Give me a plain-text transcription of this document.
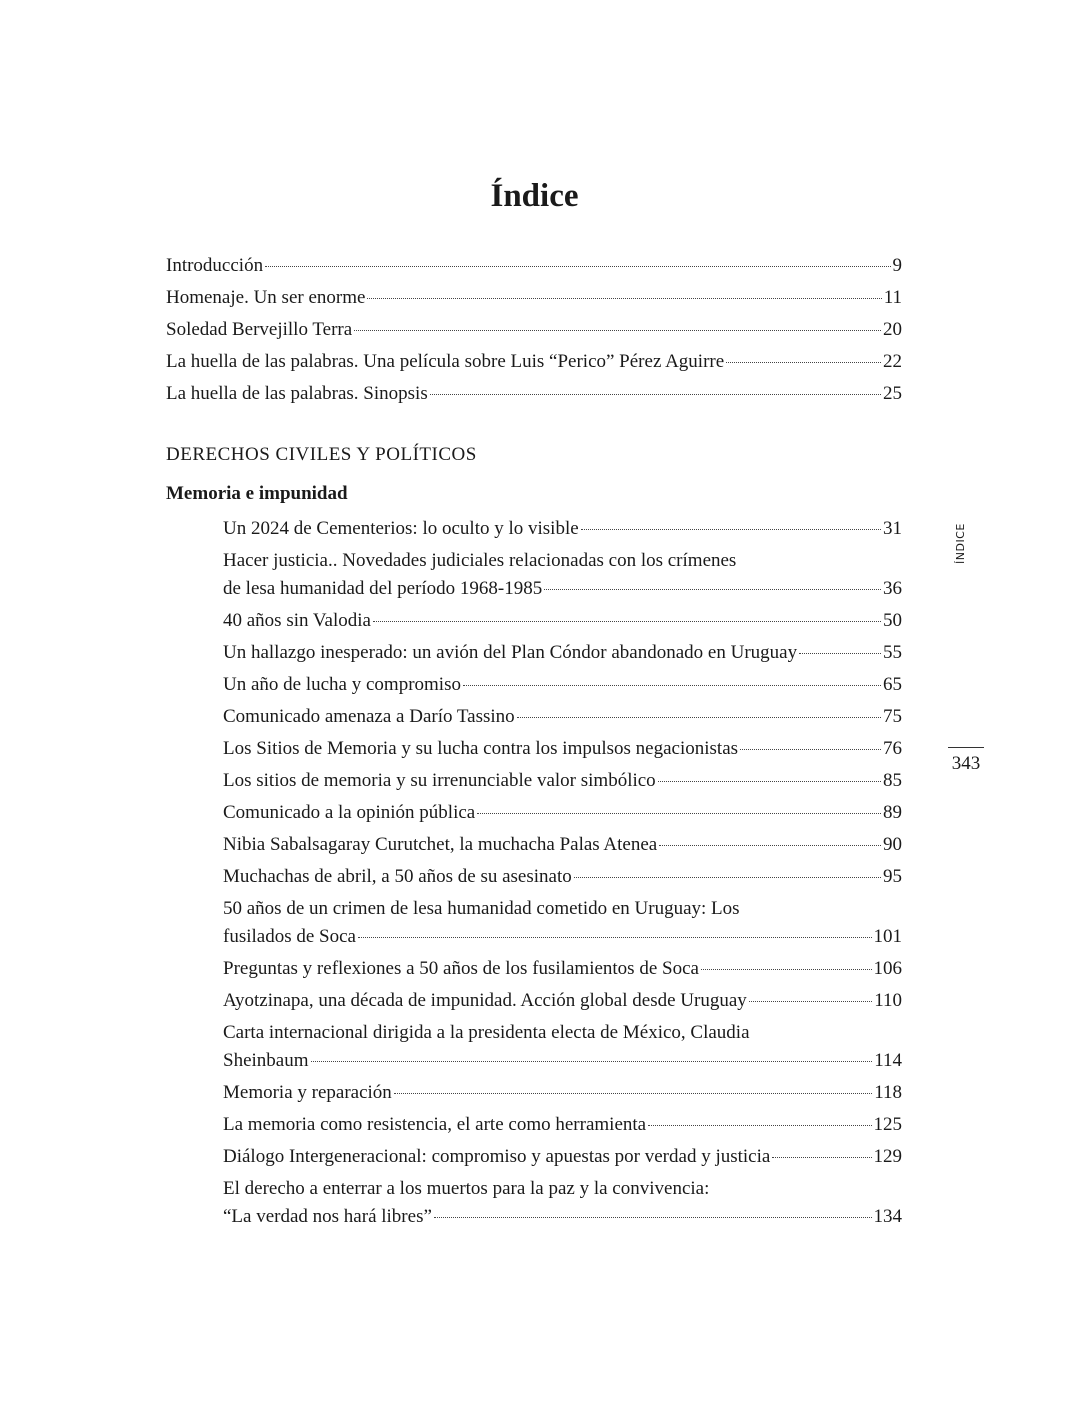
Índice
Introducción	9
Homenaje. Un ser enorme	11
Soledad Bervejillo Terra	20
La huella de las palabras. Una película sobre Luis “Perico” Pérez Aguirre	22
La huella de las palabras. Sinopsis	25
DERECHOS CIVILES Y POLÍTICOS
Memoria e impunidad
Un 2024 de Cementerios: lo oculto y lo visible	31
Hacer justicia.. Novedades judiciales relacionadas con los crímenes
de lesa humanidad del período 1968-1985	36
40 años sin Valodia	50
Un hallazgo inesperado: un avión del Plan Cóndor abandonado en Uruguay	55
Un año de lucha y compromiso	65
Comunicado amenaza a Darío Tassino	75
Los Sitios de Memoria y su lucha contra los impulsos negacionistas	76
Los sitios de memoria y su irrenunciable valor simbólico	85
Comunicado a la opinión pública	89
Nibia Sabalsagaray Curutchet, la muchacha Palas Atenea	90
Muchachas de abril, a 50 años de su asesinato	95
50 años de un crimen de lesa humanidad cometido en Uruguay: Los
fusilados de Soca	101
Preguntas y reflexiones a 50 años de los fusilamientos de Soca	106
Ayotzinapa, una década de impunidad. Acción global desde Uruguay	110
Carta internacional dirigida a la presidenta electa de México, Claudia
Sheinbaum	114
Memoria y reparación	118
La memoria como resistencia, el arte como herramienta	125
Diálogo Intergeneracional: compromiso y apuestas por verdad y justicia	129
El derecho a enterrar a los muertos para la paz y la convivencia:
“La verdad nos hará libres”	134
ÍNDICE
343
